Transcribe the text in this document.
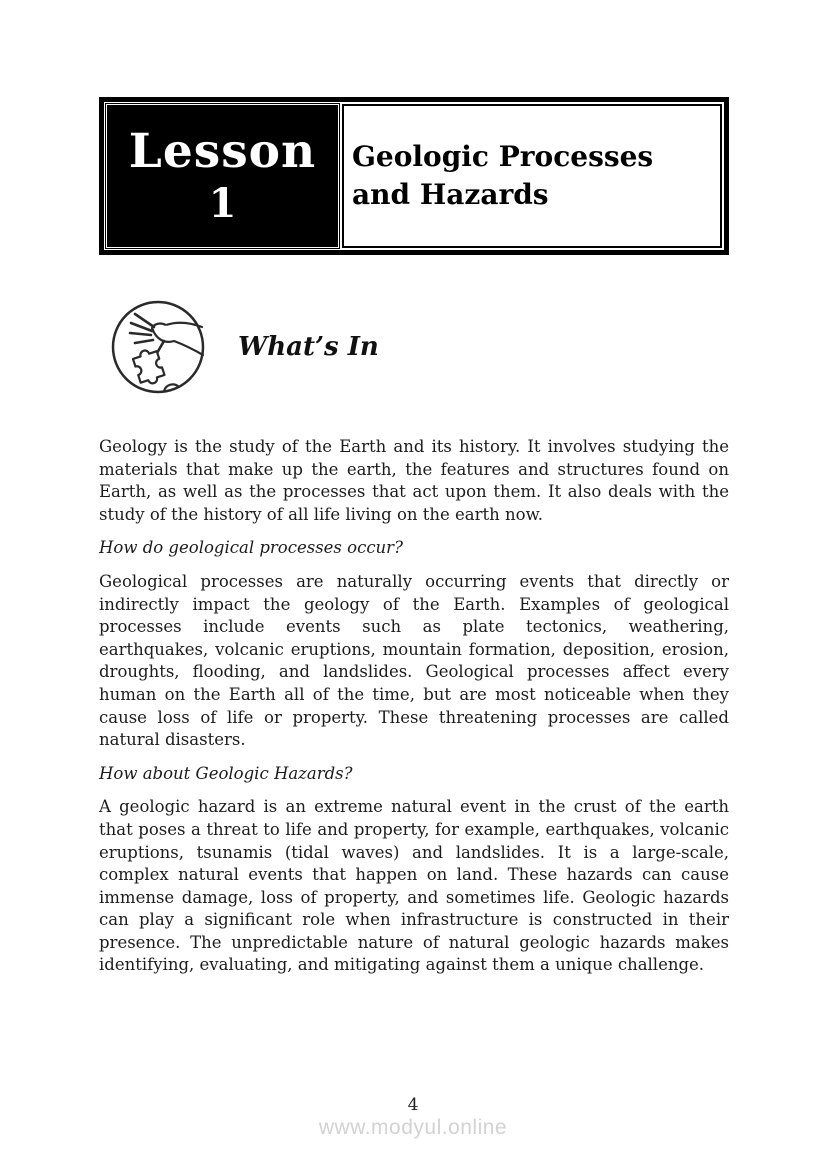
Lesson
1
Geologic Processes and Hazards
What’s In

Geology is the study of the Earth and its history. It involves studying the materials that make up the earth, the features and structures found on Earth, as well as the processes that act upon them. It also deals with the study of the history of all life living on the earth now.

How do geological processes occur?

Geological processes are naturally occurring events that directly or indirectly impact the geology of the Earth. Examples of geological processes include events such as plate tectonics, weathering, earthquakes, volcanic eruptions, mountain formation, deposition, erosion, droughts, flooding, and landslides. Geological processes affect every human on the Earth all of the time, but are most noticeable when they cause loss of life or property. These threatening processes are called natural disasters.

How about Geologic Hazards?

A geologic hazard is an extreme natural event in the crust of the earth that poses a threat to life and property, for example, earthquakes, volcanic eruptions, tsunamis (tidal waves) and landslides. It is a large-scale, complex natural events that happen on land. These hazards can cause immense damage, loss of property, and sometimes life. Geologic hazards can play a significant role when infrastructure is constructed in their presence. The unpredictable nature of natural geologic hazards makes identifying, evaluating, and mitigating against them a unique challenge.

4
www.modyul.online
